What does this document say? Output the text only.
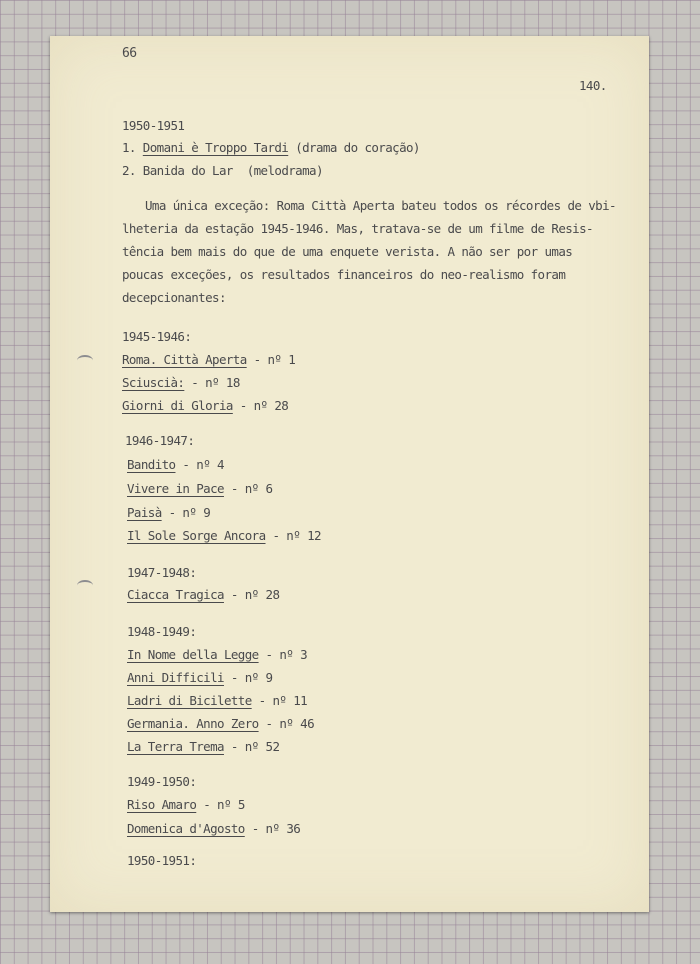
66
140.
1950-1951
1. Domani è Troppo Tardi (drama do coração)
2. Banida do Lar (melodrama)
Uma única exceção: Roma Città Aperta bateu todos os récordes de vbi-
lheteria da estação 1945-1946. Mas, tratava-se de um filme de Resis-
tência bem mais do que de uma enquete verista. A não ser por umas
poucas exceções, os resultados financeiros do neo-realismo foram
decepcionantes:
1945-1946:
Roma. Città Aperta - nº 1
Sciuscià: - nº 18
Giorni di Gloria - nº 28
1946-1947:
Bandito - nº 4
Vivere in Pace - nº 6
Paisà - nº 9
Il Sole Sorge Ancora - nº 12
1947-1948:
Ciacca Tragica - nº 28
1948-1949:
In Nome della Legge - nº 3
Anni Difficili - nº 9
Ladri di Bicilette - nº 11
Germania. Anno Zero - nº 46
La Terra Trema - nº 52
1949-1950:
Riso Amaro - nº 5
Domenica d'Agosto - nº 36
1950-1951:
